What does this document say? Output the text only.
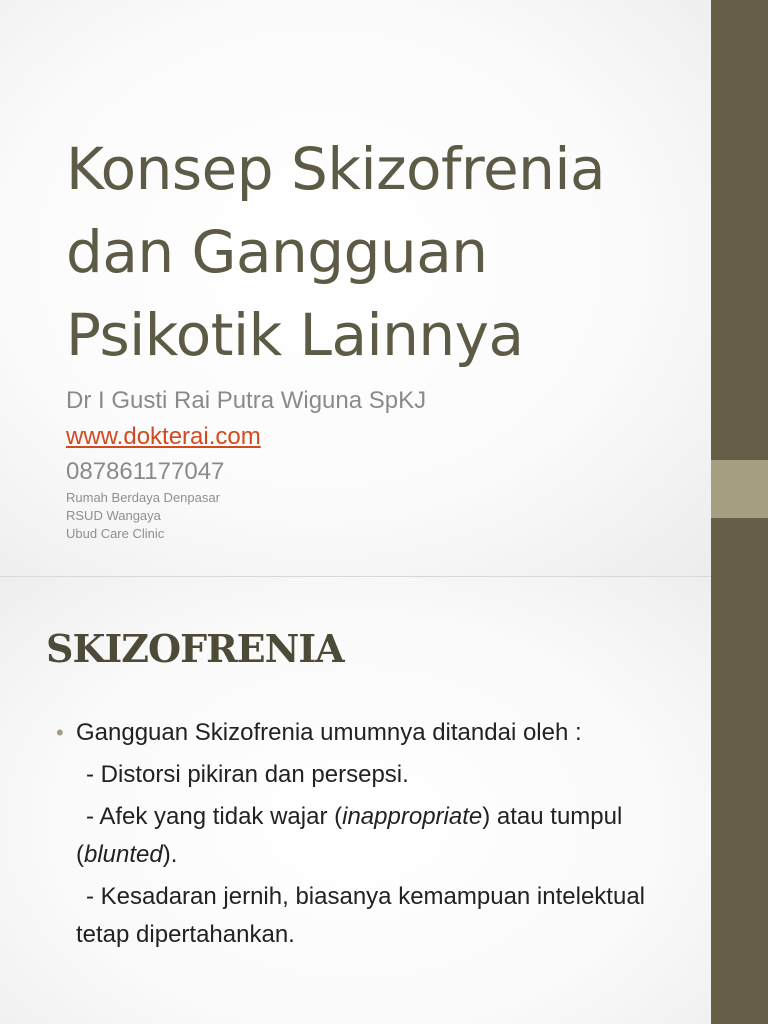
Konsep Skizofrenia
dan Gangguan
Psikotik Lainnya
Dr I Gusti Rai Putra Wiguna SpKJ
www.dokterai.com
087861177047
Rumah Berdaya Denpasar
RSUD Wangaya
Ubud Care Clinic
SKIZOFRENIA
• Gangguan Skizofrenia umumnya ditandai oleh :
- Distorsi pikiran dan persepsi.
- Afek yang tidak wajar (inappropriate) atau tumpul
(blunted).
- Kesadaran jernih, biasanya kemampuan intelektual
tetap dipertahankan.
